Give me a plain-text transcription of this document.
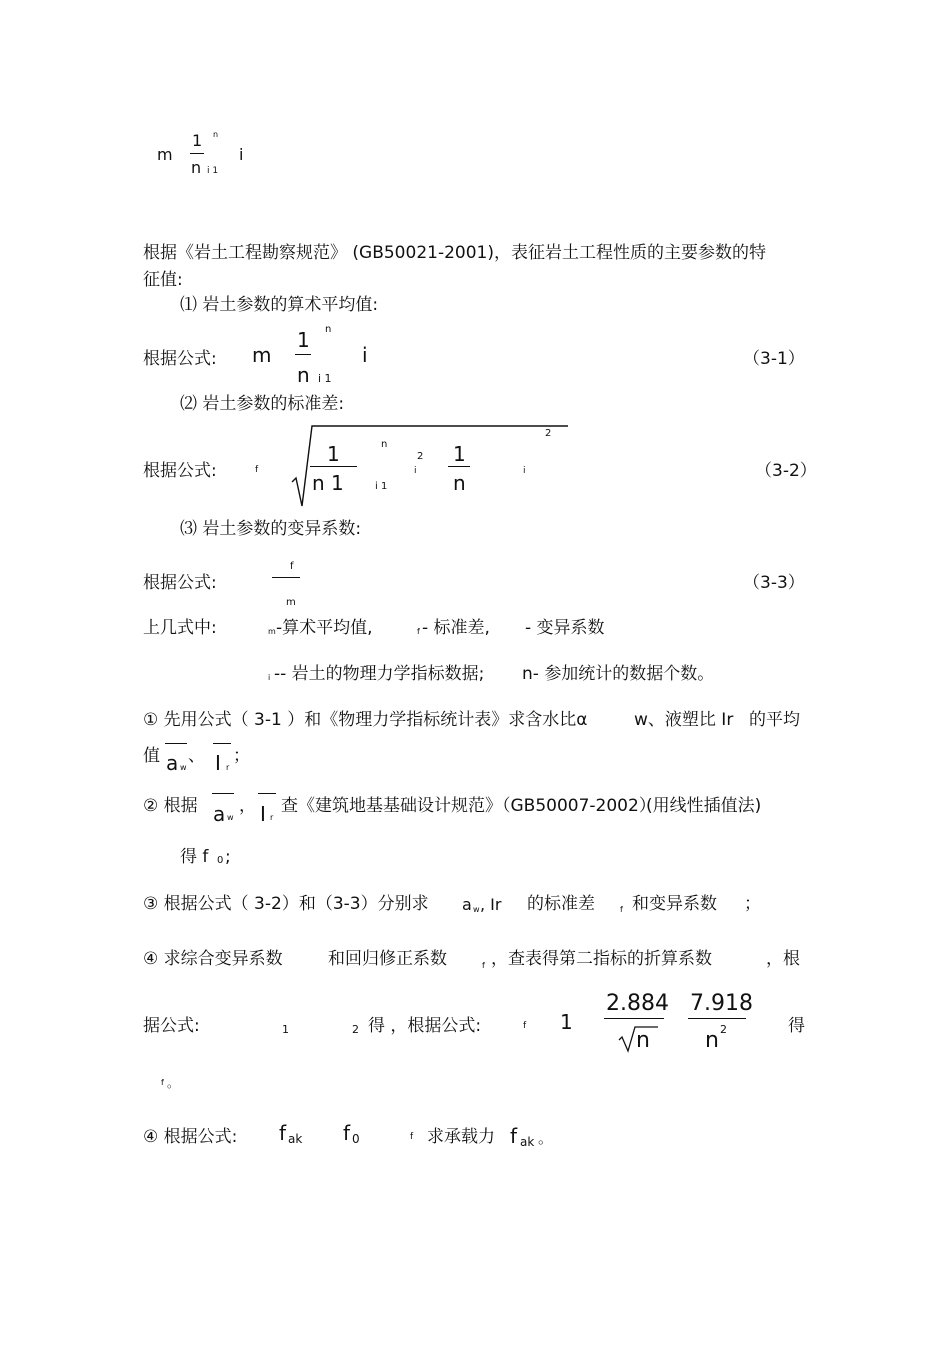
m
1
n
n
i 1
i
根据《岩土工程勘察规范》 (GB50021-2001)，表征岩土工程性质的主要参数的特
征值:
⑴ 岩土参数的算术平均值:
根据公式: m
1
n
n
i 1
i	（3-1）
⑵ 岩土参数的标准差:
根据公式:	f
1
n 1
n
i 1
2
i
1
n	i
2
（3-2）
⑶ 岩土参数的变异系数:
根据公式:
f
m
（3-3）
上几式中:	m -算术平均值,	f - 标准差, - 变异系数
i -- 岩土的物理力学指标数据; n- 参加统计的数据个数。
① 先用公式（ 3-1 ）和《物理力学指标统计表》求含水比α	w、液塑比 Ir 的平均
值 a w
、 I r
；
② 根据 a w
， I r
查《建筑地基基础设计规范》（GB50007-2002）
(用线性插值法)
得 f 0 ;
③ 根据公式（ 3-2）和（3-3）分别求 a w , Ir 的标准差	f 和变异系数 ；
④ 求综合变异系数	和回归修正系数	f ，查表得第二指标的折算系数	，根
据公式:	1	2 得 ，根据公式:	f 1
2.884
n
7.918
n 2	得
f 。
④ 根据公式: f ak f 0	f 求承载力 f ak 。
